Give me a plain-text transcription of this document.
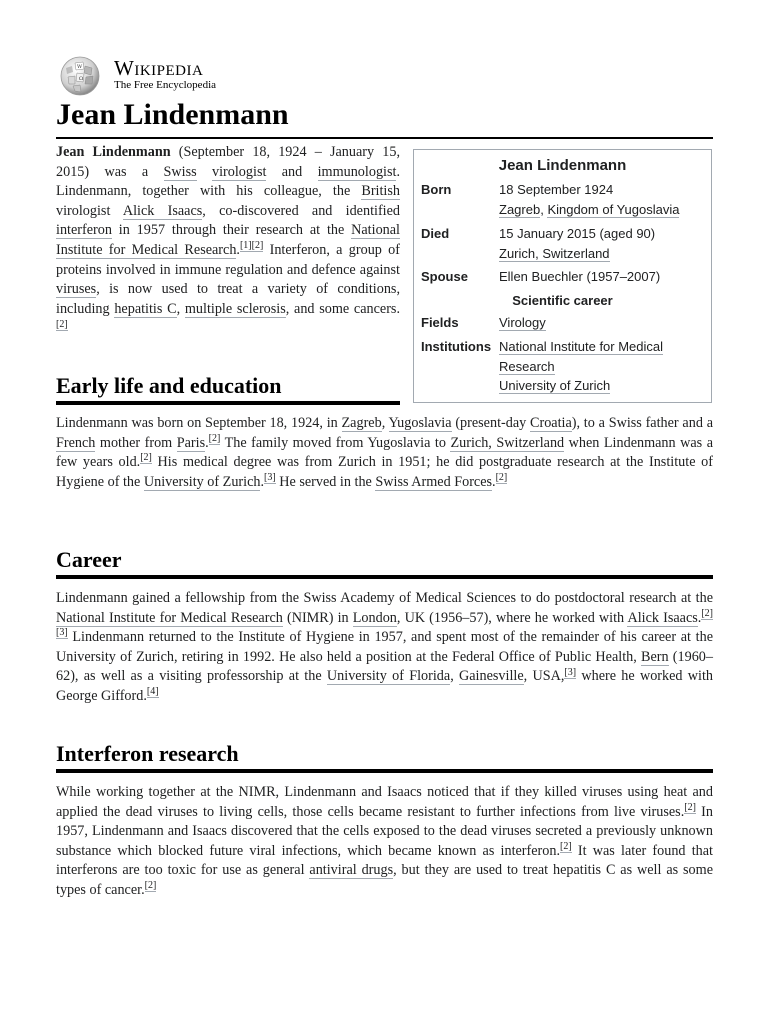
W
Ω Wikipedia
The Free Encyclopedia
Jean Lindenmann
Jean Lindenmann (September 18, 1924 – January 15, 2015) was a Swiss virologist and immunologist. Lindenmann, together with his colleague, the British virologist Alick Isaacs, co-discovered and identified interferon in 1957 through their research at the National Institute for Medical Research.[1][2] Interferon, a group of proteins involved in immune regulation and defence against viruses, is now used to treat a variety of conditions, including hepatitis C, multiple sclerosis, and some cancers.[2]
Jean Lindenmann
Born	18 September 1924
Zagreb, Kingdom of Yugoslavia
Died	15 January 2015 (aged 90)
Zurich, Switzerland
Spouse Ellen Buechler (1957–2007)
Scientific career
Fields	Virology
Institutions National Institute for Medical Research
University of Zurich
Early life and education
Lindenmann was born on September 18, 1924, in Zagreb, Yugoslavia (present-day Croatia), to a Swiss father and a French mother from Paris.[2] The family moved from Yugoslavia to Zurich, Switzerland when Lindenmann was a few years old.[2] His medical degree was from Zurich in 1951; he did postgraduate research at the Institute of Hygiene of the University of Zurich.[3] He served in the Swiss Armed Forces.[2]
Career
Lindenmann gained a fellowship from the Swiss Academy of Medical Sciences to do postdoctoral research at the National Institute for Medical Research (NIMR) in London, UK (1956–57), where he worked with Alick Isaacs.[2][3] Lindenmann returned to the Institute of Hygiene in 1957, and spent most of the remainder of his career at the University of Zurich, retiring in 1992. He also held a position at the Federal Office of Public Health, Bern (1960–62), as well as a visiting professorship at the University of Florida, Gainesville, USA,[3] where he worked with George Gifford.[4]
Interferon research
While working together at the NIMR, Lindenmann and Isaacs noticed that if they killed viruses using heat and applied the dead viruses to living cells, those cells became resistant to further infections from live viruses.[2] In 1957, Lindenmann and Isaacs discovered that the cells exposed to the dead viruses secreted a previously unknown substance which blocked future viral infections, which became known as interferon.[2] It was later found that interferons are too toxic for use as general antiviral drugs, but they are used to treat hepatitis C as well as some types of cancer.[2]
